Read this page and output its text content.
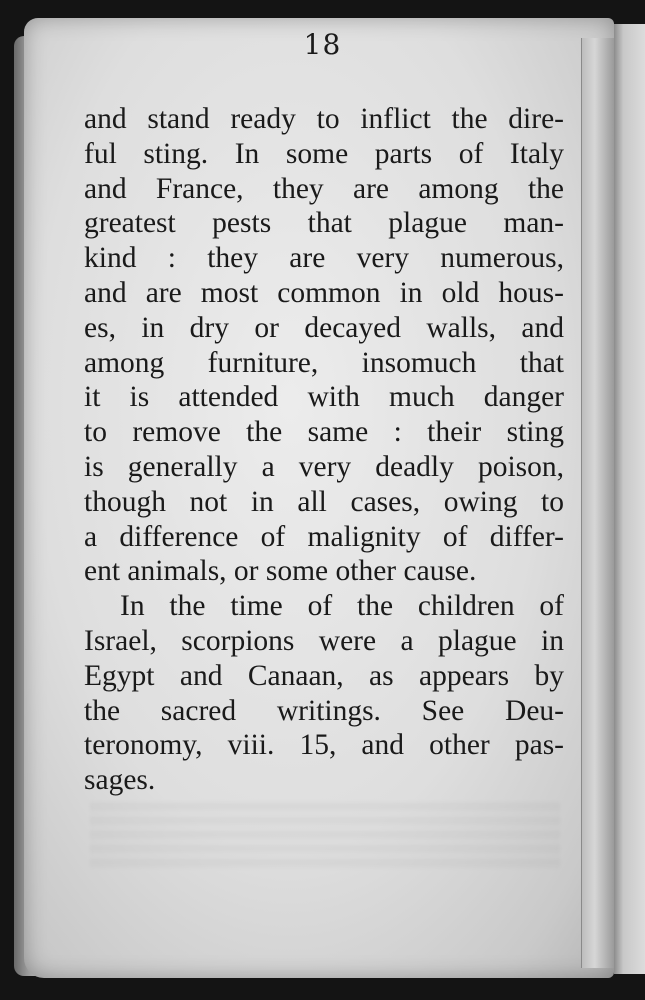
18
and stand ready to inflict the dire-
ful sting. In some parts of Italy
and France, they are among the
greatest pests that plague man-
kind : they are very numerous,
and are most common in old hous-
es, in dry or decayed walls, and
among furniture, insomuch that
it is attended with much danger
to remove the same : their sting
is generally a very deadly poison,
though not in all cases, owing to
a difference of malignity of differ-
ent animals, or some other cause.
In the time of the children of
Israel, scorpions were a plague in
Egypt and Canaan, as appears by
the sacred writings. See Deu-
teronomy, viii. 15, and other pas-
sages.
